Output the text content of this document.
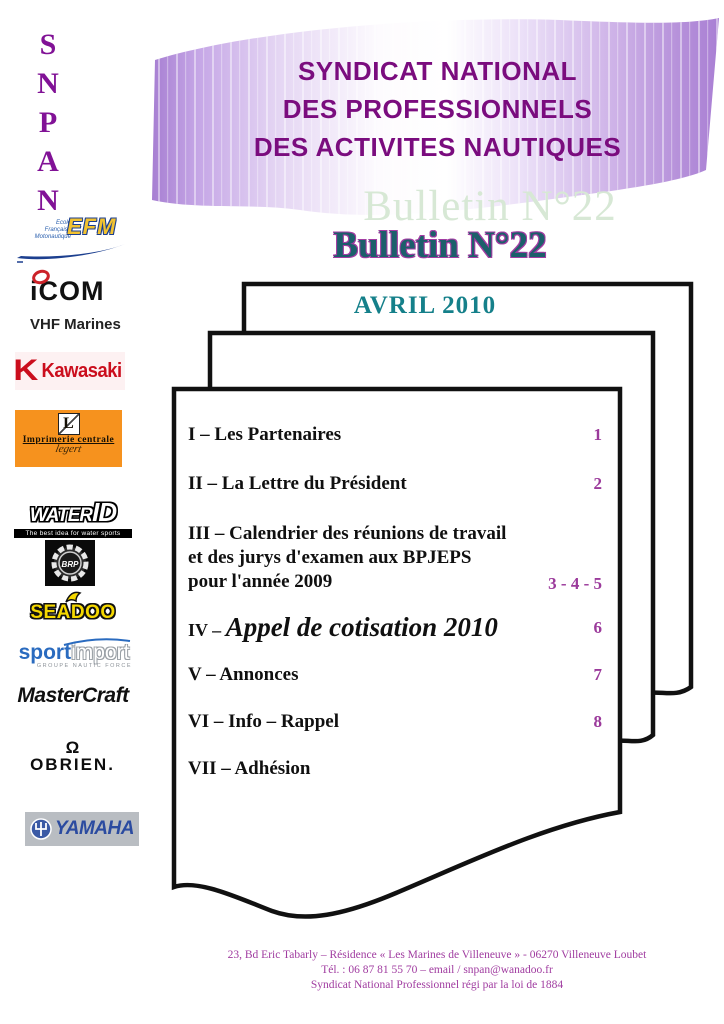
SYNDICAT NATIONAL
DES PROFESSIONNELS
DES ACTIVITES NAUTIQUES
S
N
P
A
N	Bulletin N°22
Bulletin N°22
AVRIL 2010
I – Les Partenaires	1
II – La Lettre du Président	2
III – Calendrier des réunions de travail
et des jurys d'examen aux BPJEPS
pour l'année 2009	3 - 4 - 5
IV – Appel de cotisation 2010	6
V – Annonces	7
VI – Info – Rappel	8
VII – Adhésion
Ecole
Française
Motonautique
EFM
iCOM
VHF Marines
K Kawasaki
L
Imprimerie centrale
legert
WATERID
The best idea for water sports
BRP
SEA DOO
sportimport
GROUPE NAUTIC FORCE
MasterCraft
Ω
OBRIEN.
YAMAHA
23, Bd Eric Tabarly – Résidence « Les Marines de Villeneuve » - 06270 Villeneuve Loubet
Tél. : 06 87 81 55 70 – email / snpan@wanadoo.fr
Syndicat National Professionnel régi par la loi de 1884
